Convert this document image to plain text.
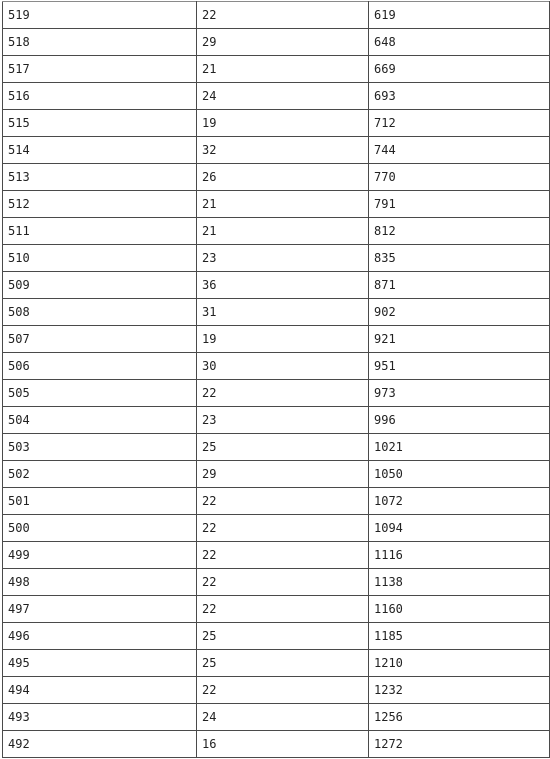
519	22	619
518	29	648
517	21	669
516	24	693
515	19	712
514	32	744
513	26	770
512	21	791
511	21	812
510	23	835
509	36	871
508	31	902
507	19	921
506	30	951
505	22	973
504	23	996
503	25	1021
502	29	1050
501	22	1072
500	22	1094
499	22	1116
498	22	1138
497	22	1160
496	25	1185
495	25	1210
494	22	1232
493	24	1256
492	16	1272
